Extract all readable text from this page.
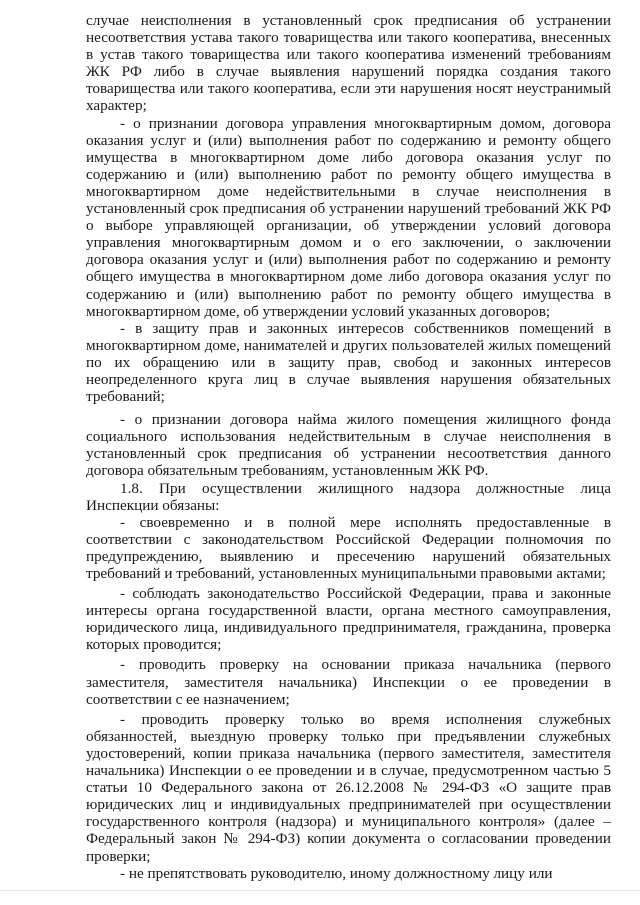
случае неисполнения в установленный срок предписания об устранении несоответствия устава такого товарищества или такого кооператива, внесенных в устав такого товарищества или такого кооператива изменений требованиям ЖК РФ либо в случае выявления нарушений порядка создания такого товарищества или такого кооператива, если эти нарушения носят неустранимый характер;

- о признании договора управления многоквартирным домом, договора оказания услуг и (или) выполнения работ по содержанию и ремонту общего имущества в многоквартирном доме либо договора оказания услуг по содержанию и (или) выполнению работ по ремонту общего имущества в многоквартирном доме недействительными в случае неисполнения в установленный срок предписания об устранении нарушений требований ЖК РФ о выборе управляющей организации, об утверждении условий договора управления многоквартирным домом и о его заключении, о заключении договора оказания услуг и (или) выполнения работ по содержанию и ремонту общего имущества в многоквартирном доме либо договора оказания услуг по содержанию и (или) выполнению работ по ремонту общего имущества в многоквартирном доме, об утверждении условий указанных договоров;

- в защиту прав и законных интересов собственников помещений в многоквартирном доме, нанимателей и других пользователей жилых помещений по их обращению или в защиту прав, свобод и законных интересов неопределенного круга лиц в случае выявления нарушения обязательных требований;

- о признании договора найма жилого помещения жилищного фонда социального использования недействительным в случае неисполнения в установленный срок предписания об устранении несоответствия данного договора обязательным требованиям, установленным ЖК РФ.

1.8. При осуществлении жилищного надзора должностные лица Инспекции обязаны:

- своевременно и в полной мере исполнять предоставленные в соответствии с законодательством Российской Федерации полномочия по предупреждению, выявлению и пресечению нарушений обязательных требований и требований, установленных муниципальными правовыми актами;

- соблюдать законодательство Российской Федерации, права и законные интересы органа государственной власти, органа местного самоуправления, юридического лица, индивидуального предпринимателя, гражданина, проверка которых проводится;

- проводить проверку на основании приказа начальника (первого заместителя, заместителя начальника) Инспекции о ее проведении в соответствии с ее назначением;

- проводить проверку только во время исполнения служебных обязанностей, выездную проверку только при предъявлении служебных удостоверений, копии приказа начальника (первого заместителя, заместителя начальника) Инспекции о ее проведении и в случае, предусмотренном частью 5 статьи 10 Федерального закона от 26.12.2008 № 294-ФЗ «О защите прав юридических лиц и индивидуальных предпринимателей при осуществлении государственного контроля (надзора) и муниципального контроля» (далее – Федеральный закон № 294-ФЗ) копии документа о согласовании проведении проверки;

- не препятствовать руководителю, иному должностному лицу или
